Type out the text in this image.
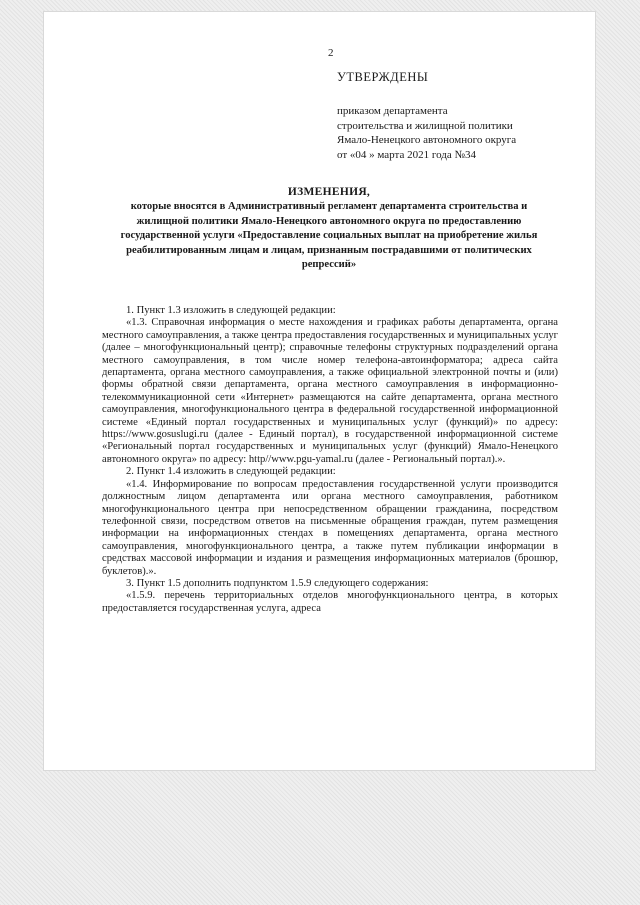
2
УТВЕРЖДЕНЫ
приказом департамента
строительства и жилищной политики
Ямало-Ненецкого автономного округа
от «04 » марта 2021 года №34
ИЗМЕНЕНИЯ,
которые вносятся в Административный регламент департамента строительства и жилищной политики Ямало-Ненецкого автономного округа по предоставлению государственной услуги «Предоставление социальных выплат на приобретение жилья реабилитированным лицам и лицам, признанным пострадавшими от политических репрессий»

1. Пункт 1.3 изложить в следующей редакции:

«1.3. Справочная информация о месте нахождения и графиках работы департамента, органа местного самоуправления, а также центра предоставления государственных и муниципальных услуг (далее – многофункциональный центр); справочные телефоны структурных подразделений органа местного самоуправления, в том числе номер телефона-автоинформатора; адреса сайта департамента, органа местного самоуправления, а также официальной электронной почты и (или) формы обратной связи департамента, органа местного самоуправления в информационно-телекоммуникационной сети «Интернет» размещаются на сайте департамента, органа местного самоуправления, многофункционального центра в федеральной государственной информационной системе «Единый портал государственных и муниципальных услуг (функций)» по адресу: https://www.gosuslugi.ru (далее - Единый портал), в государственной информационной системе «Региональный портал государственных и муниципальных услуг (функций) Ямало-Ненецкого автономного округа» по адресу: http//www.pgu-yamal.ru (далее - Региональный портал).».

2. Пункт 1.4 изложить в следующей редакции:

«1.4. Информирование по вопросам предоставления государственной услуги производится должностным лицом департамента или органа местного самоуправления, работником многофункционального центра при непосредственном обращении гражданина, посредством телефонной связи, посредством ответов на письменные обращения граждан, путем размещения информации на информационных стендах в помещениях департамента, органа местного самоуправления, многофункционального центра, а также путем публикации информации в средствах массовой информации и издания и размещения информационных материалов (брошюр, буклетов).».

3. Пункт 1.5 дополнить подпунктом 1.5.9 следующего содержания:

«1.5.9. перечень территориальных отделов многофункционального центра, в которых предоставляется государственная услуга, адреса
